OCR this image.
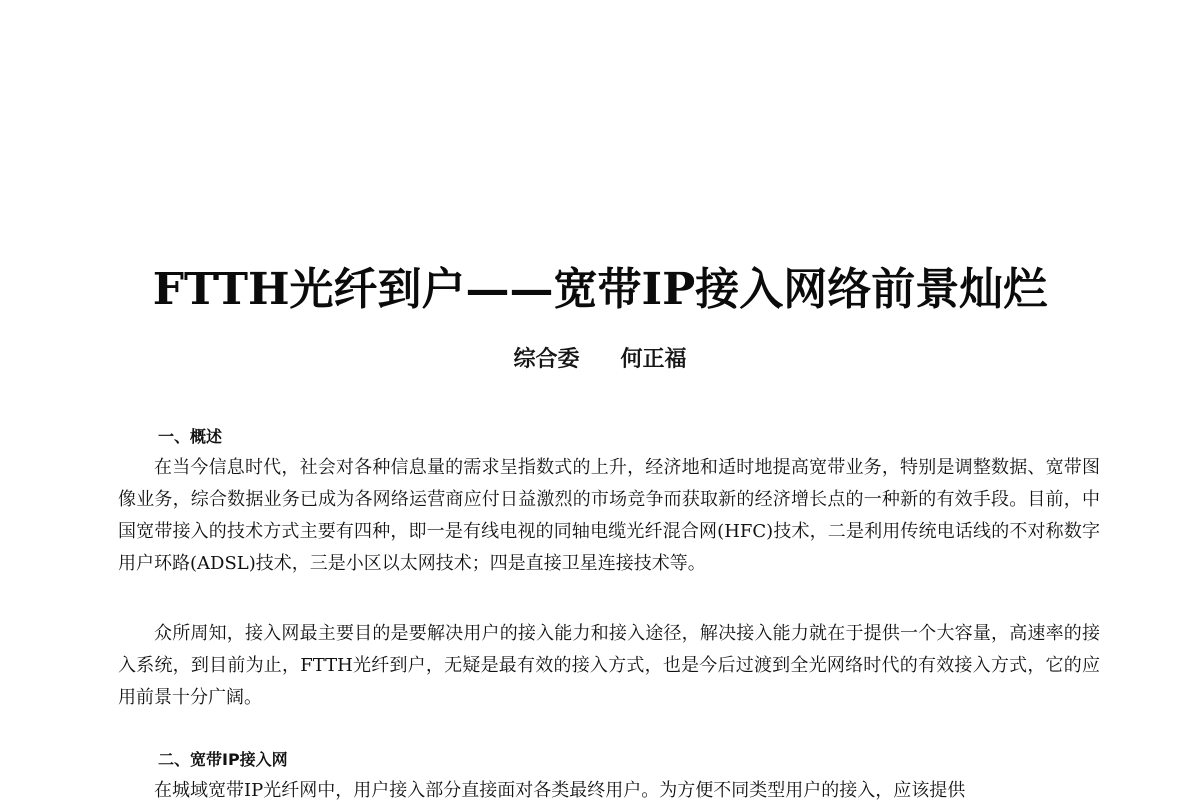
FTTH光纤到户——宽带IP接入网络前景灿烂
综合委   何正福
一、概述

在当今信息时代，社会对各种信息量的需求呈指数式的上升，经济地和适时地提高宽带业务，特别是调整数据、宽带图像业务，综合数据业务已成为各网络运营商应付日益激烈的市场竞争而获取新的经济增长点的一种新的有效手段。目前，中国宽带接入的技术方式主要有四种，即一是有线电视的同轴电缆光纤混合网(HFC)技术，二是利用传统电话线的不对称数字用户环路(ADSL)技术，三是小区以太网技术；四是直接卫星连接技术等。

众所周知，接入网最主要目的是要解决用户的接入能力和接入途径，解决接入能力就在于提供一个大容量，高速率的接入系统，到目前为止，FTTH光纤到户，无疑是最有效的接入方式，也是今后过渡到全光网络时代的有效接入方式，它的应用前景十分广阔。

二、宽带IP接入网

在城域宽带IP光纤网中，用户接入部分直接面对各类最终用户。为方便不同类型用户的接入，应该提供
